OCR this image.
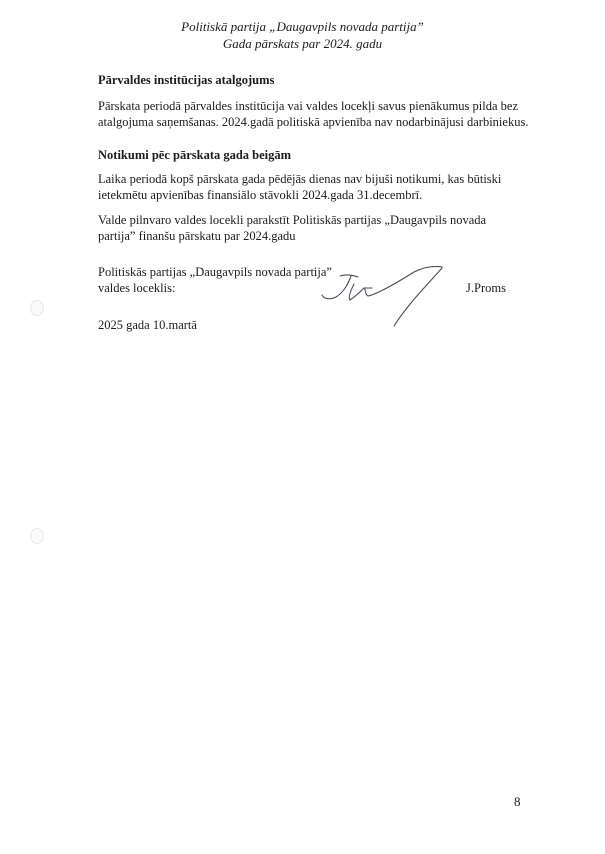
Politiskā partija „Daugavpils novada partija”
Gada pārskats par 2024. gadu
Pārvaldes institūcijas atalgojums
Pārskata periodā pārvaldes institūcija vai valdes locekļi savus pienākumus pilda bez
atalgojuma saņemšanas. 2024.gadā politiskā apvienība nav nodarbinājusi darbiniekus.
Notikumi pēc pārskata gada beigām
Laika periodā kopš pārskata gada pēdējās dienas nav bijuši notikumi, kas būtiski
ietekmētu apvienības finansiālo stāvokli 2024.gada 31.decembrī.
Valde pilnvaro valdes locekli parakstīt Politiskās partijas „Daugavpils novada
partija” finanšu pārskatu par 2024.gadu
Politiskās partijas „Daugavpils novada partija”
valdes loceklis:	J.Proms
2025 gada 10.martā
8
